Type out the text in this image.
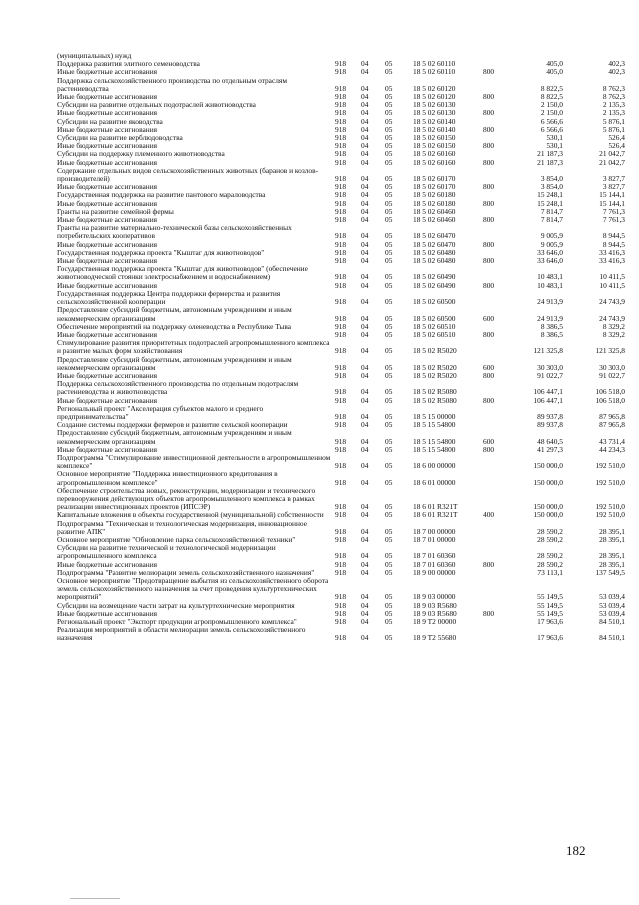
(муниципальных) нужд							
Поддержка развития элитного семеноводства	918	04	05	18 5 02 60110		405,0	402,3
Иные бюджетные ассигнования	918	04	05	18 5 02 60110	800	405,0	402,3
Поддержка сельскохозяйственного производства по отдельным отраслям растениеводства	918	04	05	18 5 02 60120		8 822,5	8 762,3
Иные бюджетные ассигнования	918	04	05	18 5 02 60120	800	8 822,5	8 762,3
Субсидии на развитие отдельных подотраслей животноводства	918	04	05	18 5 02 60130		2 150,0	2 135,3
Иные бюджетные ассигнования	918	04	05	18 5 02 60130	800	2 150,0	2 135,3
Субсидии на развитие яководства	918	04	05	18 5 02 60140		6 566,6	5 876,1
Иные бюджетные ассигнования	918	04	05	18 5 02 60140	800	6 566,6	5 876,1
Субсидии на развитие верблюдоводства	918	04	05	18 5 02 60150		530,1	526,4
Иные бюджетные ассигнования	918	04	05	18 5 02 60150	800	530,1	526,4
Субсидии на поддержку племенного животноводства	918	04	05	18 5 02 60160		21 187,3	21 042,7
Иные бюджетные ассигнования	918	04	05	18 5 02 60160	800	21 187,3	21 042,7
Содержание отдельных видов сельскохозяйственных животных (баранов и козлов-производителей)	918	04	05	18 5 02 60170		3 854,0	3 827,7
Иные бюджетные ассигнования	918	04	05	18 5 02 60170	800	3 854,0	3 827,7
Государственная поддержка на развитие пантового мараловодства	918	04	05	18 5 02 60180		15 248,1	15 144,1
Иные бюджетные ассигнования	918	04	05	18 5 02 60180	800	15 248,1	15 144,1
Гранты на развитие семейной фермы	918	04	05	18 5 02 60460		7 814,7	7 761,3
Иные бюджетные ассигнования	918	04	05	18 5 02 60460	800	7 814,7	7 761,3
Гранты на развитие материально-технической базы сельскохозяйственных потребительских кооперативов	918	04	05	18 5 02 60470		9 005,9	8 944,5
Иные бюджетные ассигнования	918	04	05	18 5 02 60470	800	9 005,9	8 944,5
Государственная поддержка проекта "Кыштаг для животноводов"	918	04	05	18 5 02 60480		33 646,0	33 416,3
Иные бюджетные ассигнования	918	04	05	18 5 02 60480	800	33 646,0	33 416,3
Государственная поддержка проекта "Кыштаг для животноводов" (обеспечение животноводческой стоянки электроснабжением и водоснабжением)	918	04	05	18 5 02 60490		10 483,1	10 411,5
Иные бюджетные ассигнования	918	04	05	18 5 02 60490	800	10 483,1	10 411,5
Государственная поддержка Центра поддержки фермерства и развития сельскохозяйственной кооперации	918	04	05	18 5 02 60500		24 913,9	24 743,9
Предоставление субсидий бюджетным, автономным учреждениям и иным некоммерческим организациям	918	04	05	18 5 02 60500	600	24 913,9	24 743,9
Обеспечение мероприятий на поддержку оленеводства в Республике Тыва	918	04	05	18 5 02 60510		8 386,5	8 329,2
Иные бюджетные ассигнования	918	04	05	18 5 02 60510	800	8 386,5	8 329,2
Стимулирование развития приоритетных подотраслей агропромышленного комплекса и развитие малых форм хозяйствования	918	04	05	18 5 02 R5020		121 325,8	121 325,8
Предоставление субсидий бюджетным, автономным учреждениям и иным некоммерческим организациям	918	04	05	18 5 02 R5020	600	30 303,0	30 303,0
Иные бюджетные ассигнования	918	04	05	18 5 02 R5020	800	91 022,7	91 022,7
Поддержка сельскохозяйственного производства по отдельным подотраслям растениеводства и животноводства	918	04	05	18 5 02 R5080		106 447,1	106 518,0
Иные бюджетные ассигнования	918	04	05	18 5 02 R5080	800	106 447,1	106 518,0
Региональный проект "Акселерация субъектов малого и среднего предпринимательства"	918	04	05	18 5 15 00000		89 937,8	87 965,8
Создание системы поддержки фермеров и развитие сельской кооперации	918	04	05	18 5 15 54800		89 937,8	87 965,8
Предоставление субсидий бюджетным, автономным учреждениям и иным некоммерческим организациям	918	04	05	18 5 15 54800	600	48 640,5	43 731,4
Иные бюджетные ассигнования	918	04	05	18 5 15 54800	800	41 297,3	44 234,3
Подпрограмма "Стимулирование инвестиционной деятельности в агропромышленном комплексе"	918	04	05	18 6 00 00000		150 000,0	192 510,0
Основное мероприятие "Поддержка инвестиционного кредитования в агропромышленном комплексе"	918	04	05	18 6 01 00000		150 000,0	192 510,0
Обеспечение строительства новых, реконструкции, модернизации и технического перевооружения действующих объектов агропромышленного комплекса в рамках реализации инвестиционных проектов (ИПСЭР)	918	04	05	18 6 01 R321T		150 000,0	192 510,0
Капитальные вложения в объекты государственной (муниципальной) собственности	918	04	05	18 6 01 R321T	400	150 000,0	192 510,0
Подпрограмма "Техническая и технологическая модернизация, инновационное развитие АПК"	918	04	05	18 7 00 00000		28 590,2	28 395,1
Основное мероприятие "Обновление парка сельскохозяйственной техники"	918	04	05	18 7 01 00000		28 590,2	28 395,1
Субсидии на развитие технической и технологической модернизации агропромышленного комплекса	918	04	05	18 7 01 60360		28 590,2	28 395,1
Иные бюджетные ассигнования	918	04	05	18 7 01 60360	800	28 590,2	28 395,1
Подпрограмма "Развитие мелиорации земель сельскохозяйственного назначения"	918	04	05	18 9 00 00000		73 113,1	137 549,5
Основное мероприятие "Предотвращение выбытия из сельскохозяйственного оборота земель сельскохозяйственного назначения за счет проведения культуртехнических мероприятий"	918	04	05	18 9 03 00000		55 149,5	53 039,4
Субсидии на возмещение части затрат на культуртехнические мероприятия	918	04	05	18 9 03 R5680		55 149,5	53 039,4
Иные бюджетные ассигнования	918	04	05	18 9 03 R5680	800	55 149,5	53 039,4
Региональный проект "Экспорт продукции агропромышленного комплекса"	918	04	05	18 9 T2 00000		17 963,6	84 510,1
Реализация мероприятий в области мелиорации земель сельскохозяйственного назначения	918	04	05	18 9 T2 55680		17 963,6	84 510,1
182
